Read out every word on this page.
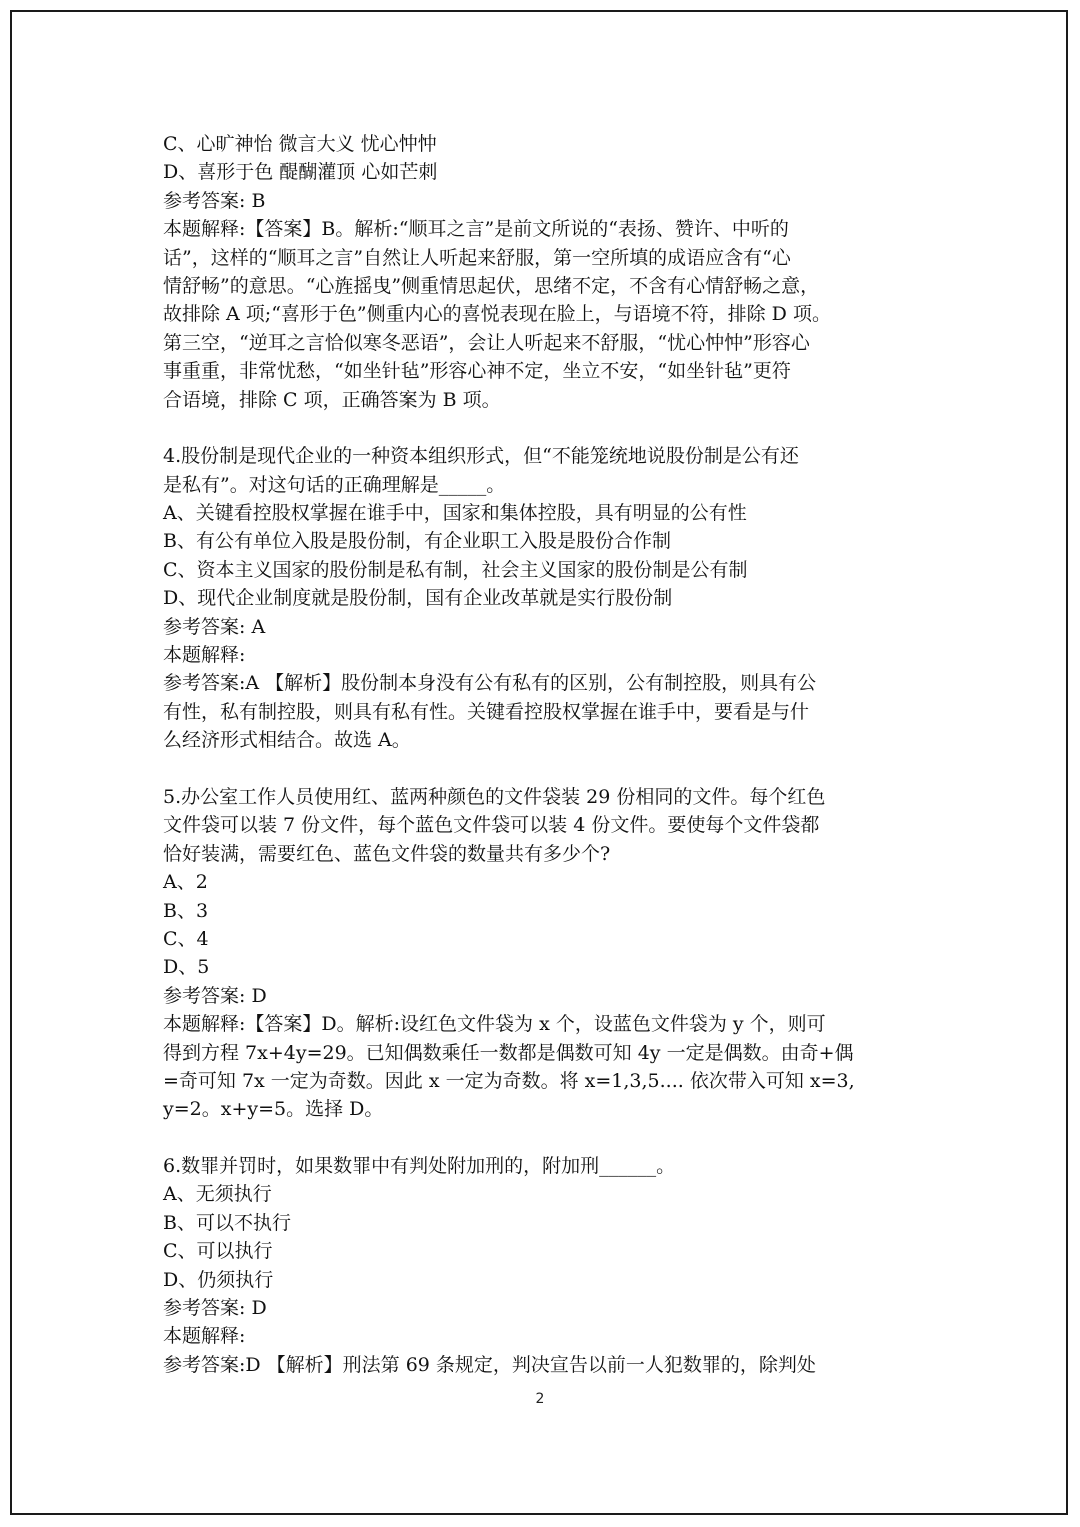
C、心旷神怡 微言大义 忧心忡忡
D、喜形于色 醍醐灌顶 心如芒刺
参考答案: B
本题解释:【答案】B。解析:“顺耳之言”是前文所说的“表扬、赞许、中听的
话”，这样的“顺耳之言”自然让人听起来舒服，第一空所填的成语应含有“心
情舒畅”的意思。“心旌摇曳”侧重情思起伏，思绪不定，不含有心情舒畅之意，
故排除 A 项;“喜形于色”侧重内心的喜悦表现在脸上，与语境不符，排除 D 项。
第三空，“逆耳之言恰似寒冬恶语”，会让人听起来不舒服，“忧心忡忡”形容心
事重重，非常忧愁，“如坐针毡”形容心神不定，坐立不安，“如坐针毡”更符
合语境，排除 C 项，正确答案为 B 项。
4.股份制是现代企业的一种资本组织形式，但“不能笼统地说股份制是公有还
是私有”。对这句话的正确理解是_____。
A、关键看控股权掌握在谁手中，国家和集体控股，具有明显的公有性
B、有公有单位入股是股份制，有企业职工入股是股份合作制
C、资本主义国家的股份制是私有制，社会主义国家的股份制是公有制
D、现代企业制度就是股份制，国有企业改革就是实行股份制
参考答案: A
本题解释:
参考答案:A 【解析】股份制本身没有公有私有的区别，公有制控股，则具有公
有性，私有制控股，则具有私有性。关键看控股权掌握在谁手中，要看是与什
么经济形式相结合。故选 A。
5.办公室工作人员使用红、蓝两种颜色的文件袋装 29 份相同的文件。每个红色
文件袋可以装 7 份文件，每个蓝色文件袋可以装 4 份文件。要使每个文件袋都
恰好装满，需要红色、蓝色文件袋的数量共有多少个?
A、2
B、3
C、4
D、5
参考答案: D
本题解释:【答案】D。解析:设红色文件袋为 x 个，设蓝色文件袋为 y 个，则可
得到方程 7x+4y=29。已知偶数乘任一数都是偶数可知 4y 一定是偶数。由奇+偶
=奇可知 7x 一定为奇数。因此 x 一定为奇数。将 x=1,3,5.... 依次带入可知 x=3,
y=2。x+y=5。选择 D。
6.数罪并罚时，如果数罪中有判处附加刑的，附加刑______。
A、无须执行
B、可以不执行
C、可以执行
D、仍须执行
参考答案: D
本题解释:
参考答案:D 【解析】刑法第 69 条规定，判决宣告以前一人犯数罪的，除判处
2
